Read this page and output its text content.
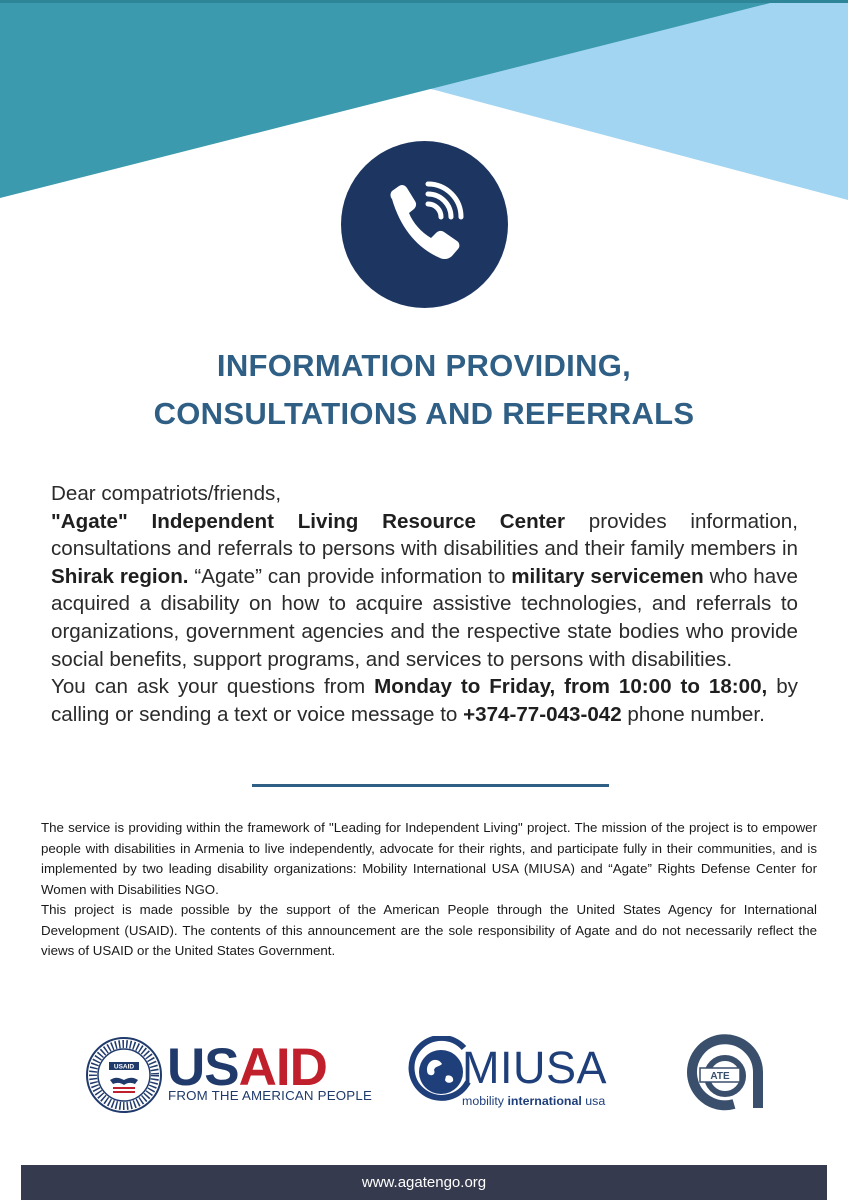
INFORMATION PROVIDING,
CONSULTATIONS AND REFERRALS

Dear compatriots/friends,

"Agate" Independent Living Resource Center provides information, consultations and referrals to persons with disabilities and their family members in Shirak region. “Agate” can provide information to military servicemen who have acquired a disability on how to acquire assistive technologies, and referrals to organizations, government agencies and the respective state bodies who provide social benefits, support programs, and services to persons with disabilities.

You can ask your questions from Monday to Friday, from 10:00 to 18:00, by calling or sending a text or voice message to +374-77-043-042 phone number.

The service is providing within the framework of "Leading for Independent Living" project. The mission of the project is to empower people with disabilities in Armenia to live independently, advocate for their rights, and participate fully in their communities, and is implemented by two leading disability organizations: Mobility International USA (MIUSA) and “Agate” Rights Defense Center for Women with Disabilities NGO.

This project is made possible by the support of the American People through the United States Agency for International Development (USAID). The contents of this announcement are the sole responsibility of Agate and do not necessarily reflect the views of USAID or the United States Government.

USAID USAID
FROM THE AMERICAN PEOPLE
MIUSA
mobility international usa
ATE
www.agatengo.org
